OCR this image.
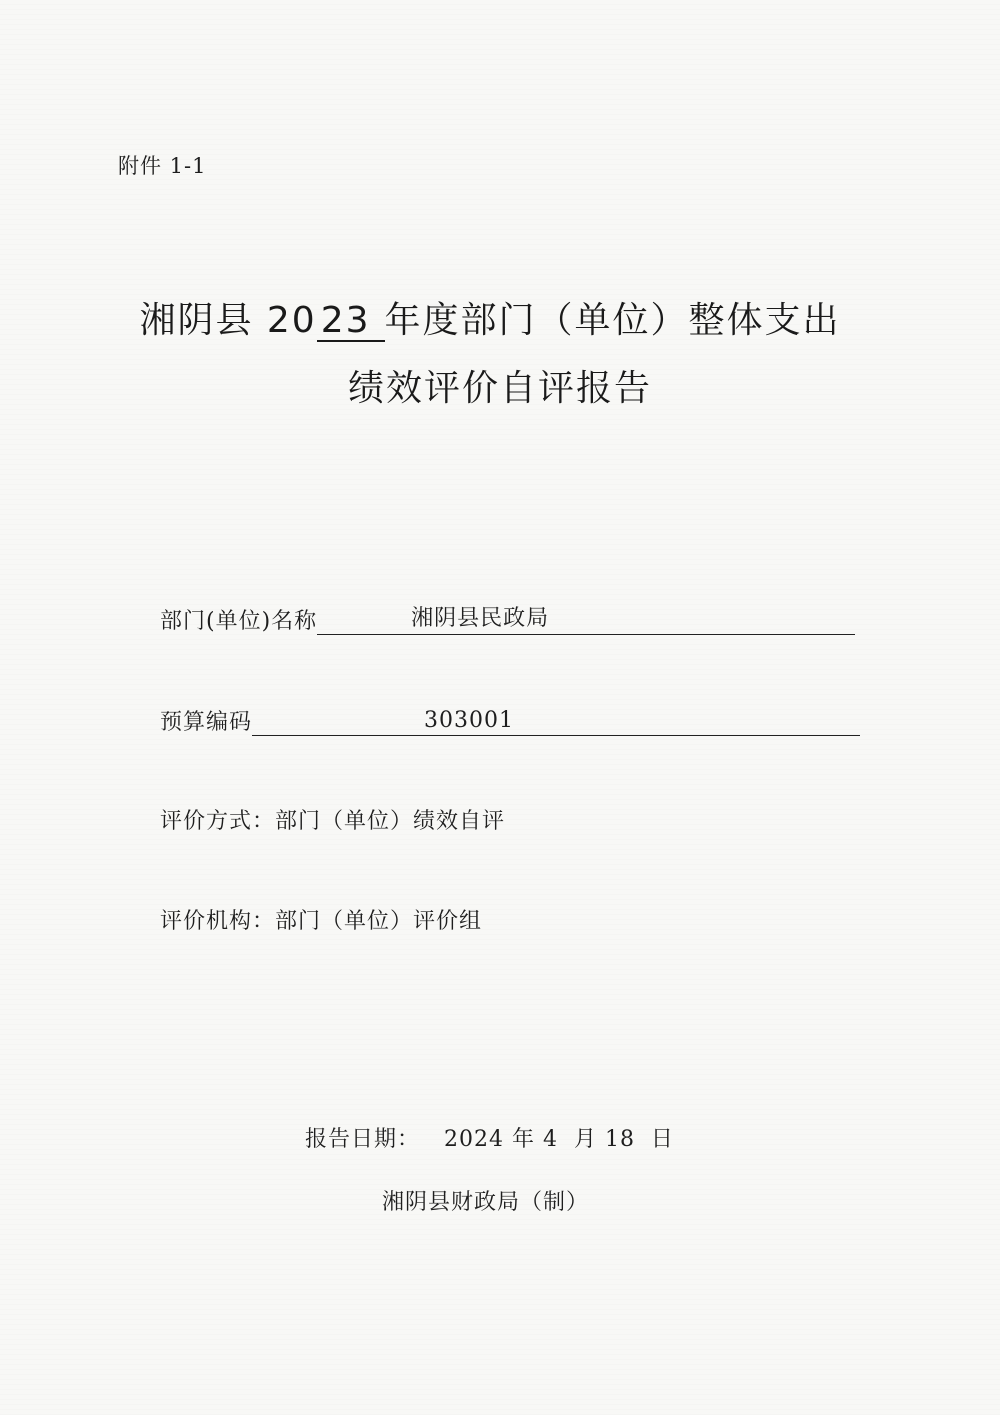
附件 1-1
湘阴县 20 23 年度部门（单位）整体支出
绩效评价自评报告
部门(单位)名称	湘阴县民政局
预算编码	303001
评价方式：部门（单位）绩效自评
评价机构：部门（单位）评价组
报告日期： 2024 年 4  月 18  日
湘阴县财政局（制）
